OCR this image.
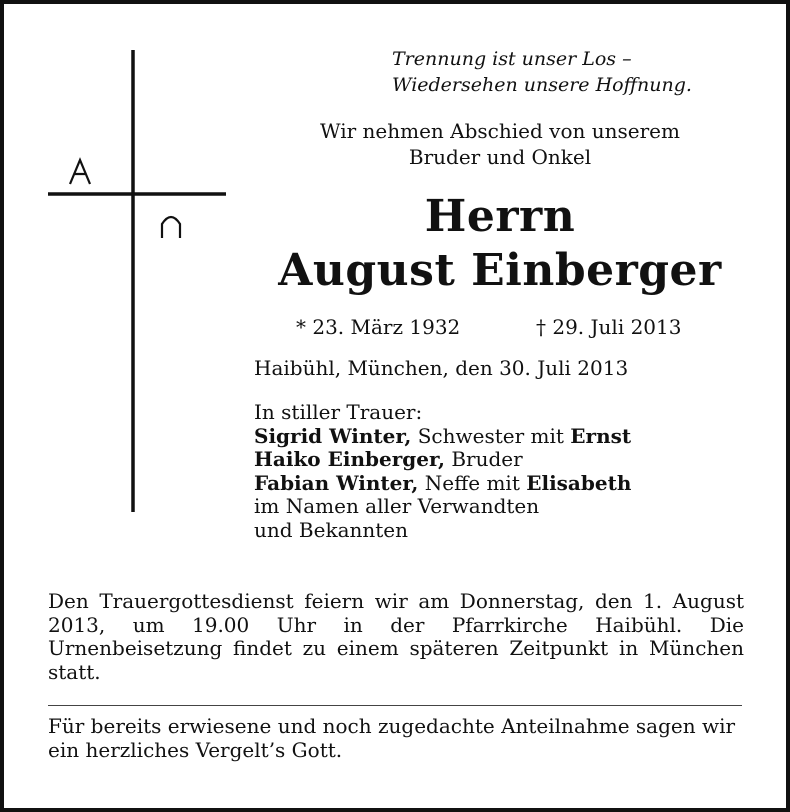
Trennung ist unser Los –
Wiedersehen unsere Hoffnung.
Wir nehmen Abschied von unserem
Bruder und Onkel
Herrn
August Einberger
* 23. März 1932	† 29. Juli 2013
Haibühl, München, den 30. Juli 2013
In stiller Trauer:
Sigrid Winter, Schwester mit Ernst
Haiko Einberger, Bruder
Fabian Winter, Neffe mit Elisabeth
im Namen aller Verwandten
und Bekannten
Den Trauergottesdienst feiern wir am Donnerstag, den 1. August 2013, um 19.00 Uhr in der Pfarrkirche Haibühl. Die Urnenbeisetzung findet zu einem späteren Zeitpunkt in München statt.
Für bereits erwiesene und noch zugedachte Anteilnahme sagen wir ein herzliches Vergelt’s Gott.
